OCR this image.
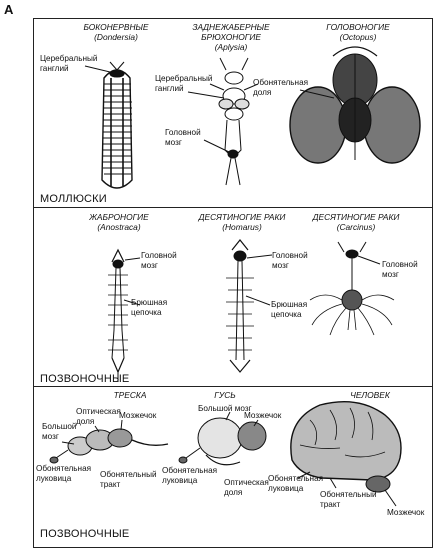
А
БОКОНЕРВНЫЕ
(Dondersia)
ЗАДНЕЖАБЕРНЫЕ
БРЮХОНОГИЕ
(Aplysia)
ГОЛОВОНОГИЕ
(Octopus)
Церебральный
ганглий
Церебральный
ганглий
Головной
мозг
Обонятельная
доля
МОЛЛЮСКИ
ЖАБРОНОГИЕ
(Anostraca)
ДЕСЯТИНОГИЕ РАКИ
(Homarus)
ДЕСЯТИНОГИЕ РАКИ
(Carcinus)
Головной
мозг
Брюшная
цепочка
Головной
мозг
Брюшная
цепочка
Головной
мозг
ПОЗВОНОЧНЫЕ
ТРЕСКА	ГУСЬ	ЧЕЛОВЕК
Большой
мозг
Оптическая
доля
Мозжечок
Обонятельная
луковица	Обонятельный
тракт
Большой мозг
Мозжечок
Обонятельная
луковица	Оптическая
доля
Обонятельная
луковица
Обонятельный
тракт
Мозжечок
ПОЗВОНОЧНЫЕ
